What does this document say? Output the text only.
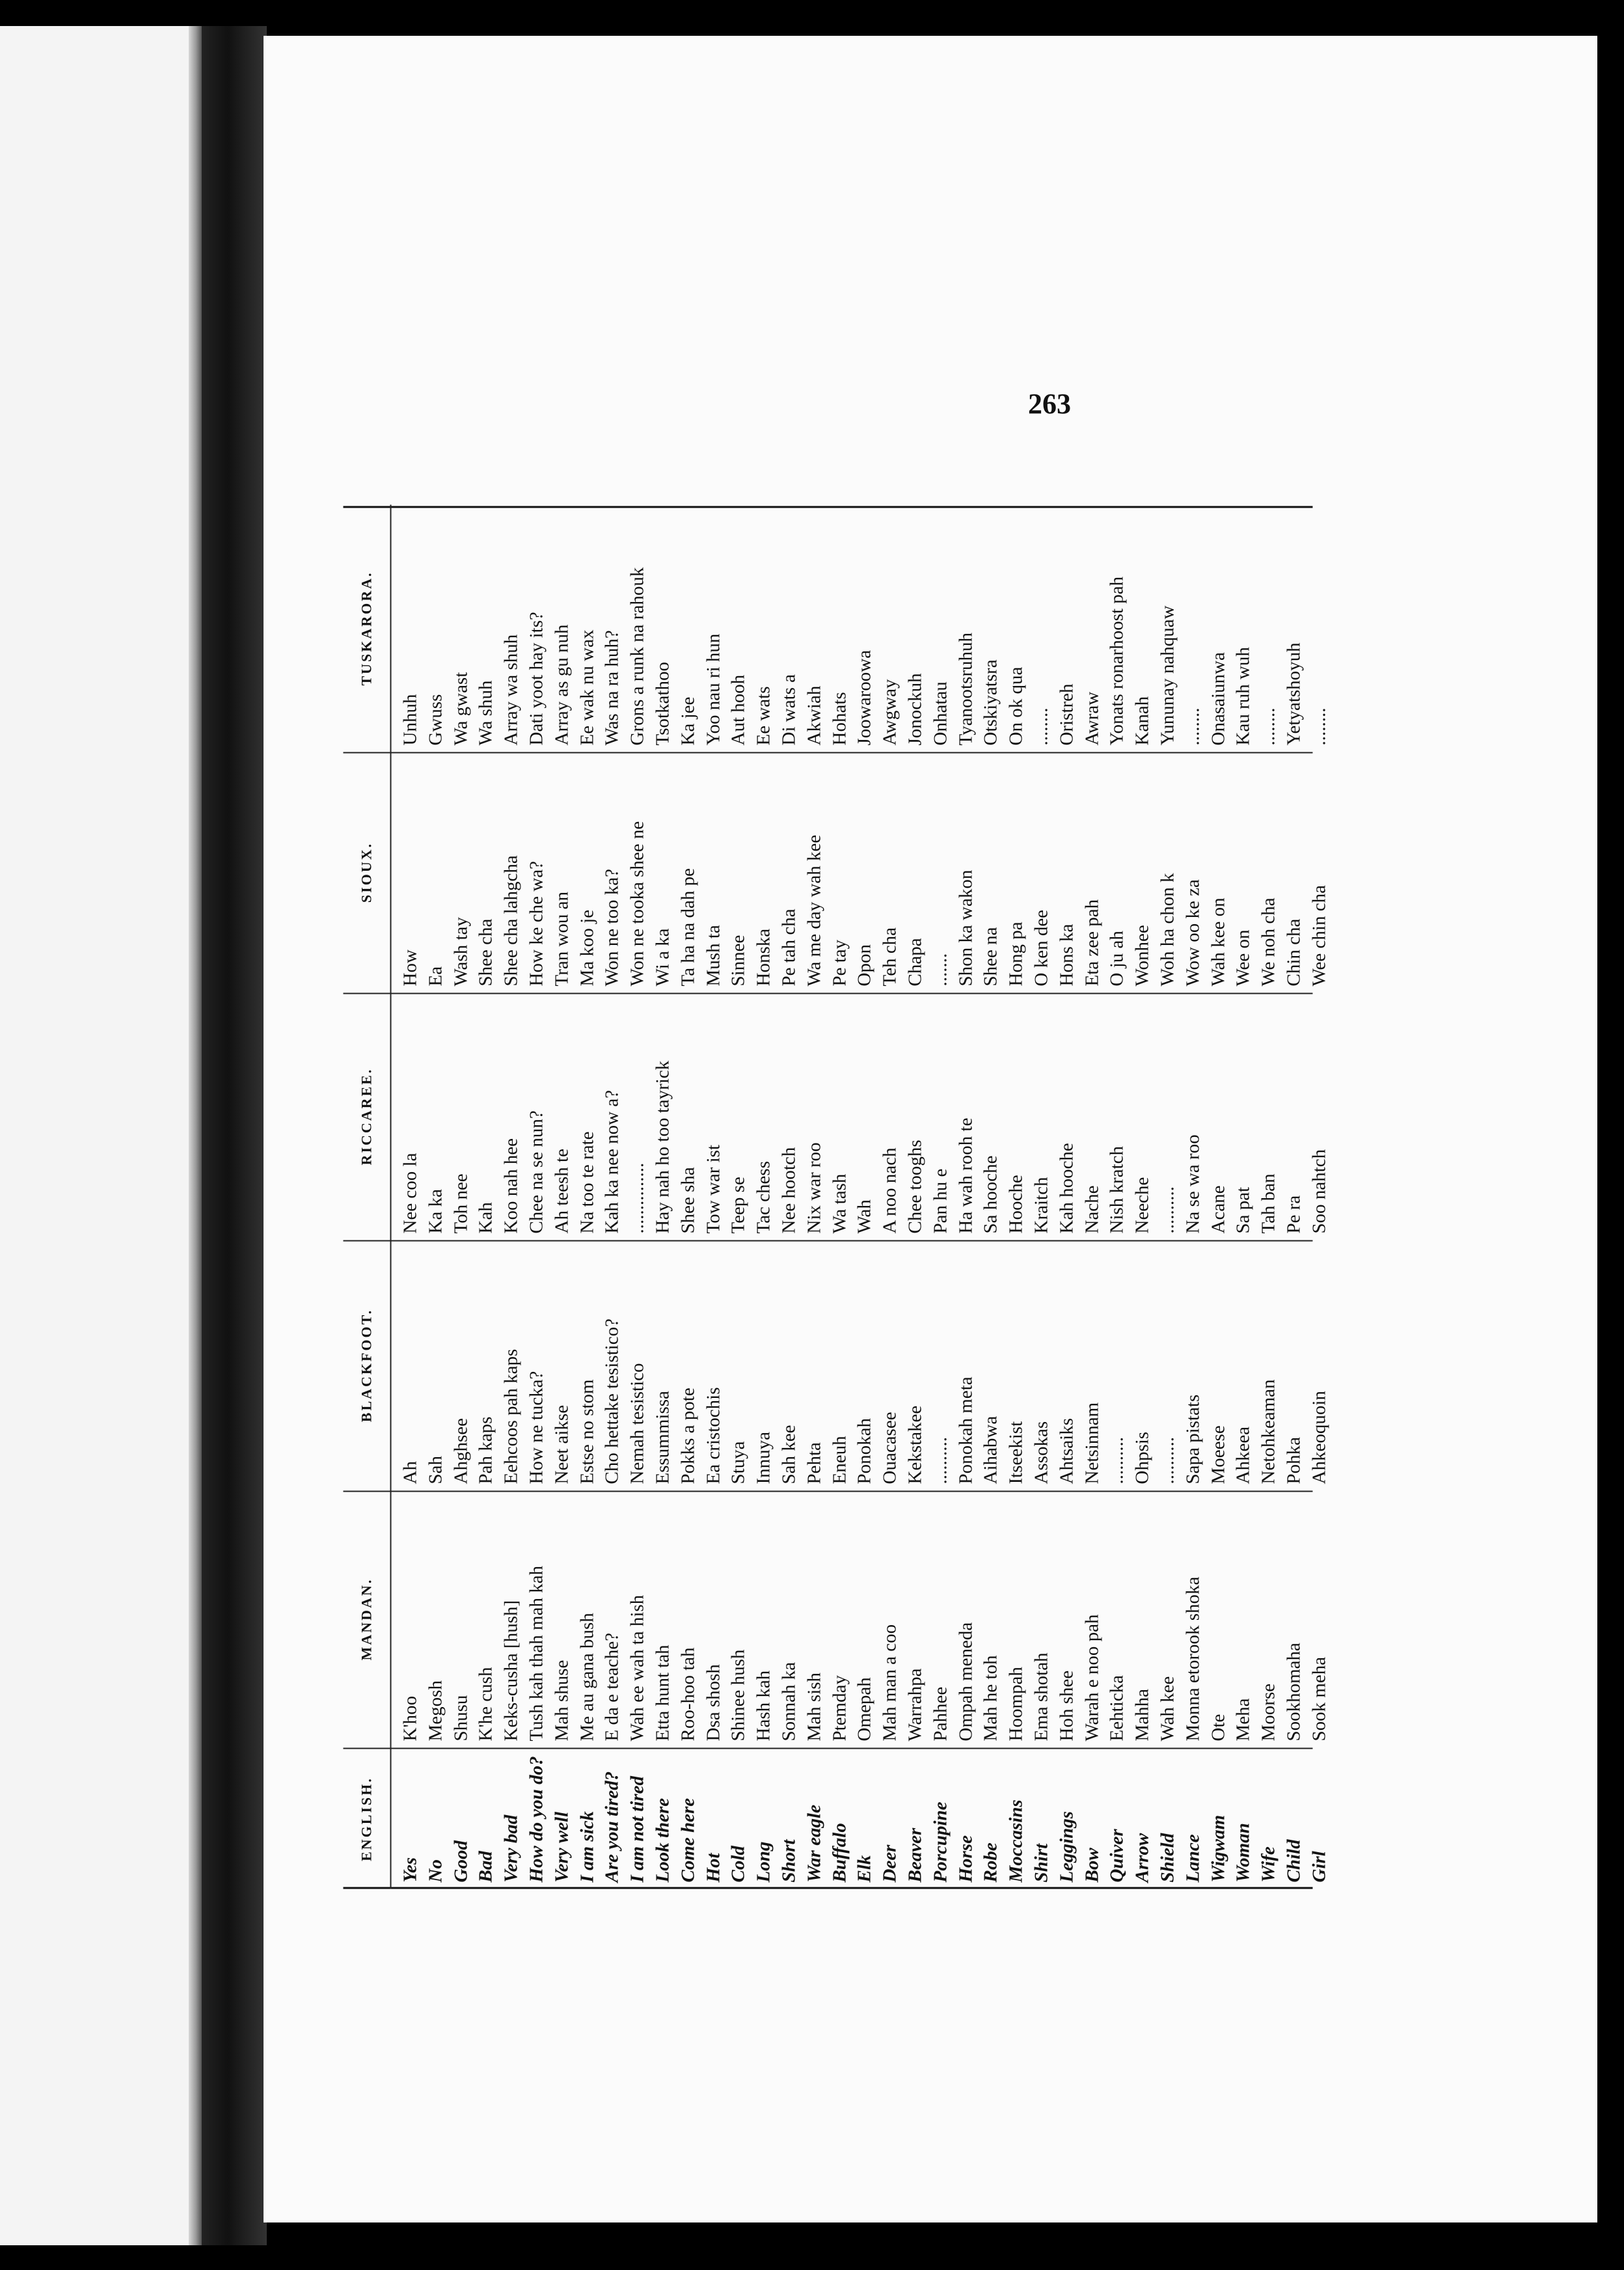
263
ENGLISH.
Yes No Good Bad Very bad How do you do? Very well I am sick Are you tired? I am not tired Look there Come here Hot Cold Long Short War eagle Buffalo Elk Deer Beaver Porcupine Horse Robe Moccasins Shirt Leggings Bow Quiver Arrow Shield Lance Wigwam Woman Wife Child Girl
MANDAN.
K'hoo Megosh Shusu K'he cush Keks-cusha [hush] Tush kah thah mah kah Mah shuse Me au gana bush E da e teache? Wah ee wah ta hish Etta hunt tah Roo-hoo tah Dsa shosh Shinee hush Hash kah Sonnah ka Mah sish Ptemday Omepah Mah man a coo Warrahpa Pahhee Ompah meneda Mah he toh Hoompah Ema shotah Hoh shee Warah e noo pah Eehticka Mahha Wah kee Monna etorook shoka Ote Meha Moorse Sookhomaha Sook meha
BLACKFOOT.
Ah Sah Ahghsee Pah kaps Eehcoos pah kaps How ne tucka? Neet aikse Estse no stom Cho hettake tesistico? Nemah tesistico Essummissa Pokks a pote Ea cristochis Stuya Innuya Sah kee Pehta Eneuh Ponokah Ouacasee Kekstakee .......... Ponokah meta Aihabwa Itseekist Assokas Ahtsaiks Netsinnam .......... Ohpsis .......... Sapa pistats Moeese Ahkeea Netohkeaman Pohka Ahkeoquoin
RICCAREE.
Nee coo la Ka ka Toh nee Kah Koo nah hee Chee na se nun? Ah teesh te Na too te rate Kah ka nee now a? ............... Hay nah ho too tayrick Shee sha Tow war ist Teep se Tac chess Nee hootch Nix war roo Wa tash Wah A noo nach Chee tooghs Pan hu e Ha wah rooh te Sa hooche Hooche Kraitch Kah hooche Nache Nish kratch Neeche .......... Na se wa roo Acane Sa pat Tah ban Pe ra Soo nahtch
SIOUX.
How Ea Wash tay Shee cha Shee cha lahgcha How ke che wa? Tran wou an Ma koo je Won ne too ka? Won ne tooka shee ne Wi a ka Ta ha na dah pe Mush ta Sinnee Honska Pe tah cha Wa me day wah kee Pe tay Opon Teh cha Chapa ....... Shon ka wakon Shee na Hong pa O ken dee Hons ka Eta zee pah O ju ah Wonhee Woh ha chon k Wow oo ke za Wah kee on Wee on We noh cha Chin cha Wee chin cha
TUSKARORA.
Unhuh Gwuss Wa gwast Wa shuh Array wa shuh Dati yoot hay its? Array as gu nuh Ee wak nu wax Was na ra huh? Grons a runk na rahouk Tsotkathoo Ka jee Yoo nau ri hun Aut hooh Ee wats Di wats a Akwiah Hohats Joowaroowa Awgway Jonockuh Onhatau Tyanootsruhuh Otskiyatsra On ok qua ........ Oristreh Awraw Yonats ronarhoost pah Kanah Yununay nahquaw ........ Onasaiunwa Kau ruh wuh ........ Yetyatshoyuh ........
